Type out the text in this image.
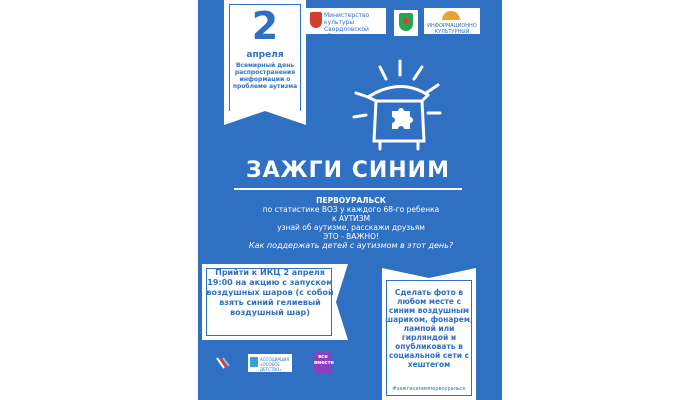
2
апреля
Всемирный день распространения информации о проблеме аутизма
Министерство культуры Свердловской области
ИНФОРМАЦИОННО КУЛЬТУРНЫЙ ЦЕНТР
ЗАЖГИ СИНИМ
ПЕРВОУРАЛЬСК
по статистике ВОЗ у каждого 68-го ребенка
к АУТИЗМ
узнай об аутизме, расскажи друзьям
ЭТО - ВАЖНО!
Как поддержать детей с аутизмом в этот день?
Прийти к ИКЦ 2 апреля 19:00 на акцию с запуском воздушных шаров (с собой взять синий гелиевый воздушный шар)
Сделать фото в любом месте с синим воздушным шариком, фонарем, лампой или гирляндой и опубликовать в социальной сети с хештегом
#зажгисинимпервоуральск
АССОЦИАЦИЯ «ОСОБОЕ ДЕТСТВО»
все вместе
